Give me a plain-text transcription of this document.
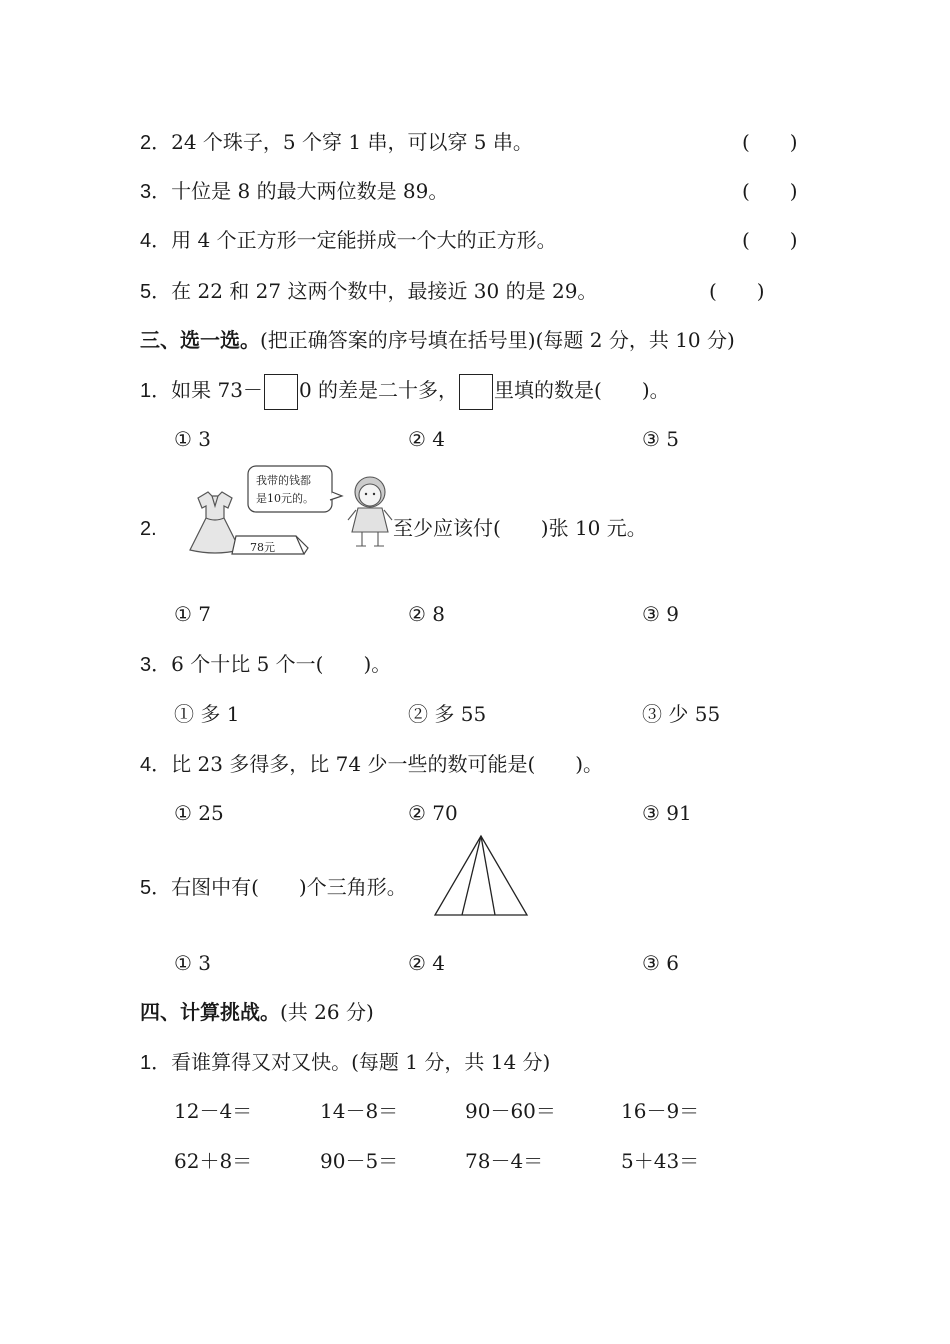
2．24 个珠子，5 个穿 1 串，可以穿 5 串。	(　　)
3．十位是 8 的最大两位数是 89。	(　　)
4．用 4 个正方形一定能拼成一个大的正方形。	(　　)
5．在 22 和 27 这两个数中，最接近 30 的是 29。	(　　)
三、选一选。(把正确答案的序号填在括号里)(每题 2 分，共 10 分)
1．如果 73－ 0 的差是二十多， 里填的数是(　　)。
① 3	② 4	③ 5
2.
78元
我带的钱都
是10元的。
至少应该付(　　)张 10 元。
① 7	② 8	③ 9
3．6 个十比 5 个一(　　)。
① 多 1	② 多 55	③ 少 55
4．比 23 多得多，比 74 少一些的数可能是(　　)。
① 25	② 70	③ 91
5．右图中有(　　)个三角形。
① 3	② 4	③ 6
四、计算挑战。(共 26 分)
1．看谁算得又对又快。(每题 1 分，共 14 分)
12－4＝	14－8＝	90－60＝	16－9＝
62＋8＝	90－5＝	78－4＝	5＋43＝
